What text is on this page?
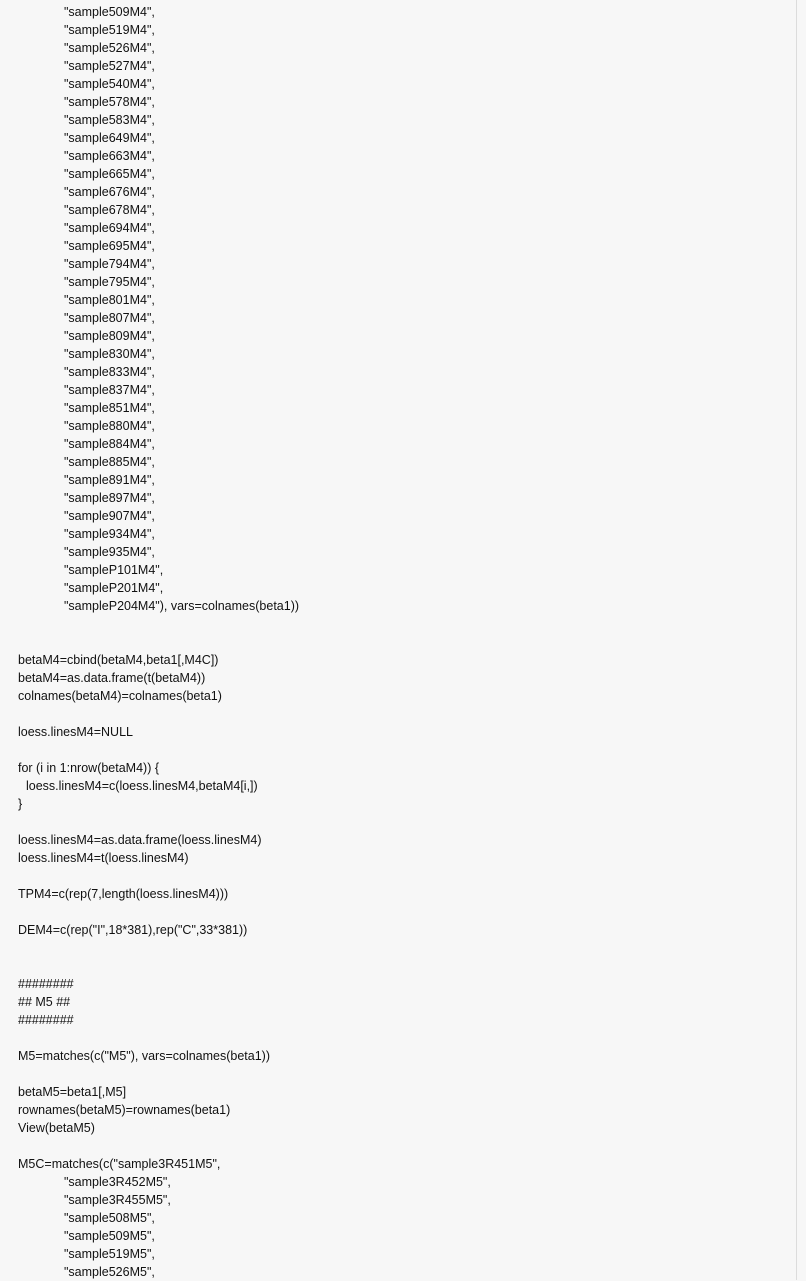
"sample509M4",
"sample519M4",
"sample526M4",
"sample527M4",
"sample540M4",
"sample578M4",
"sample583M4",
"sample649M4",
"sample663M4",
"sample665M4",
"sample676M4",
"sample678M4",
"sample694M4",
"sample695M4",
"sample794M4",
"sample795M4",
"sample801M4",
"sample807M4",
"sample809M4",
"sample830M4",
"sample833M4",
"sample837M4",
"sample851M4",
"sample880M4",
"sample884M4",
"sample885M4",
"sample891M4",
"sample897M4",
"sample907M4",
"sample934M4",
"sample935M4",
"sampleP101M4",
"sampleP201M4",
"sampleP204M4"), vars=colnames(beta1))
betaM4=cbind(betaM4,beta1[,M4C])
betaM4=as.data.frame(t(betaM4))
colnames(betaM4)=colnames(beta1)
loess.linesM4=NULL
for (i in 1:nrow(betaM4)) {
loess.linesM4=c(loess.linesM4,betaM4[i,])
}
loess.linesM4=as.data.frame(loess.linesM4)
loess.linesM4=t(loess.linesM4)
TPM4=c(rep(7,length(loess.linesM4)))
DEM4=c(rep("I",18*381),rep("C",33*381))
########
## M5 ##
########
M5=matches(c("M5"), vars=colnames(beta1))
betaM5=beta1[,M5]
rownames(betaM5)=rownames(beta1)
View(betaM5)
M5C=matches(c("sample3R451M5",
"sample3R452M5",
"sample3R455M5",
"sample508M5",
"sample509M5",
"sample519M5",
"sample526M5",
